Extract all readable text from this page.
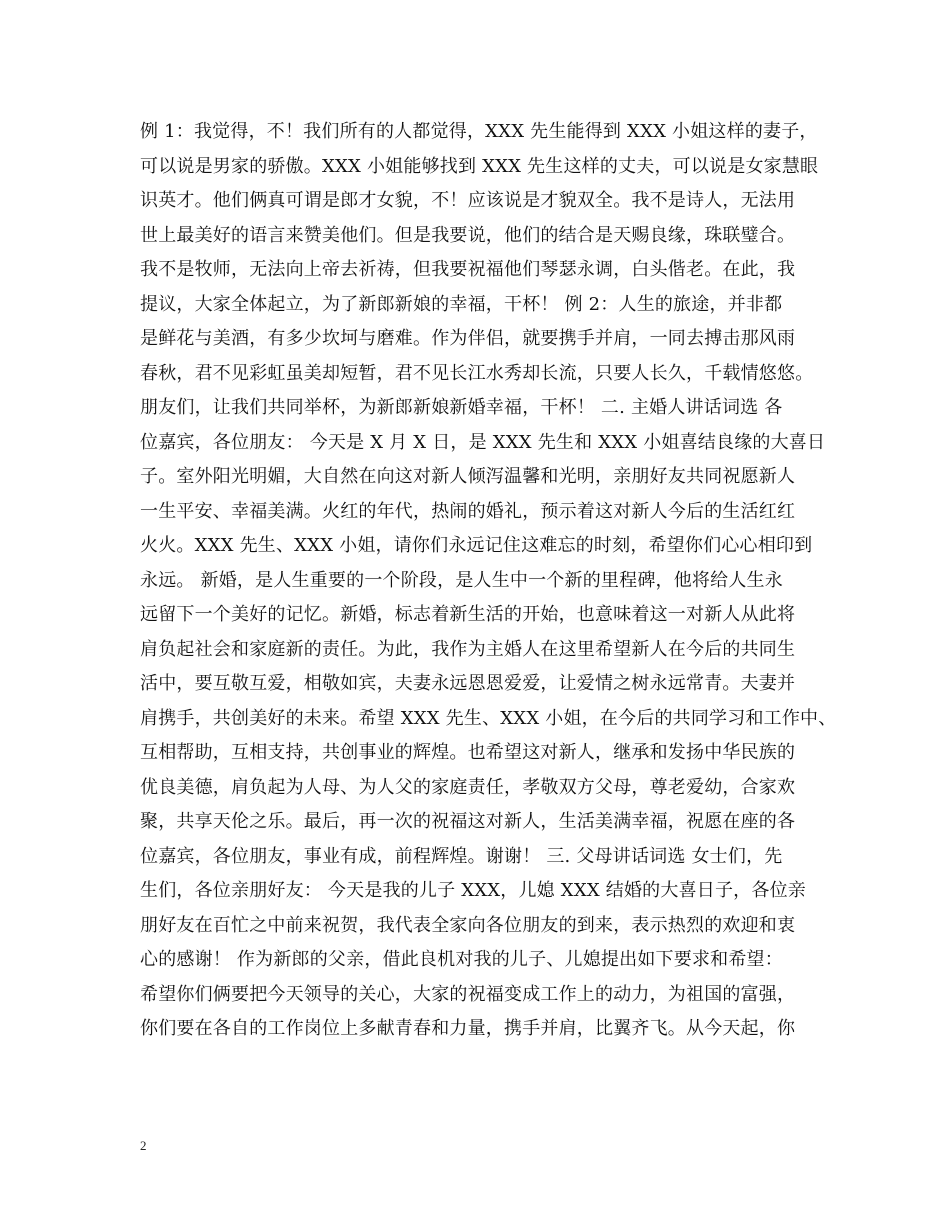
例 1：我觉得，不！我们所有的人都觉得，XXX 先生能得到 XXX 小姐这样的妻子，
可以说是男家的骄傲。XXX 小姐能够找到 XXX 先生这样的丈夫，可以说是女家慧眼
识英才。他们俩真可谓是郎才女貌，不！应该说是才貌双全。我不是诗人，无法用
世上最美好的语言来赞美他们。但是我要说，他们的结合是天赐良缘，珠联璧合。
我不是牧师，无法向上帝去祈祷，但我要祝福他们琴瑟永调，白头偕老。在此，我
提议，大家全体起立，为了新郎新娘的幸福，干杯！ 例 2：人生的旅途，并非都
是鲜花与美酒，有多少坎坷与磨难。作为伴侣，就要携手并肩，一同去搏击那风雨
春秋，君不见彩虹虽美却短暂，君不见长江水秀却长流，只要人长久，千载情悠悠。
朋友们，让我们共同举杯，为新郎新娘新婚幸福，干杯！ 二. 主婚人讲话词选 各
位嘉宾，各位朋友： 今天是 X 月 X 日，是 XXX 先生和 XXX 小姐喜结良缘的大喜日
子。室外阳光明媚，大自然在向这对新人倾泻温馨和光明，亲朋好友共同祝愿新人
一生平安、幸福美满。火红的年代，热闹的婚礼，预示着这对新人今后的生活红红
火火。XXX 先生、XXX 小姐，请你们永远记住这难忘的时刻，希望你们心心相印到
永远。 新婚，是人生重要的一个阶段，是人生中一个新的里程碑，他将给人生永
远留下一个美好的记忆。新婚，标志着新生活的开始，也意味着这一对新人从此将
肩负起社会和家庭新的责任。为此，我作为主婚人在这里希望新人在今后的共同生
活中，要互敬互爱，相敬如宾，夫妻永远恩恩爱爱，让爱情之树永远常青。夫妻并
肩携手，共创美好的未来。希望 XXX 先生、XXX 小姐，在今后的共同学习和工作中、
互相帮助，互相支持，共创事业的辉煌。也希望这对新人，继承和发扬中华民族的
优良美德，肩负起为人母、为人父的家庭责任，孝敬双方父母，尊老爱幼，合家欢
聚，共享天伦之乐。最后，再一次的祝福这对新人，生活美满幸福，祝愿在座的各
位嘉宾，各位朋友，事业有成，前程辉煌。谢谢！ 三. 父母讲话词选 女士们，先
生们，各位亲朋好友： 今天是我的儿子 XXX，儿媳 XXX 结婚的大喜日子，各位亲
朋好友在百忙之中前来祝贺，我代表全家向各位朋友的到来，表示热烈的欢迎和衷
心的感谢！ 作为新郎的父亲，借此良机对我的儿子、儿媳提出如下要求和希望：
希望你们俩要把今天领导的关心，大家的祝福变成工作上的动力，为祖国的富强，
你们要在各自的工作岗位上多献青春和力量，携手并肩，比翼齐飞。从今天起，你
2
